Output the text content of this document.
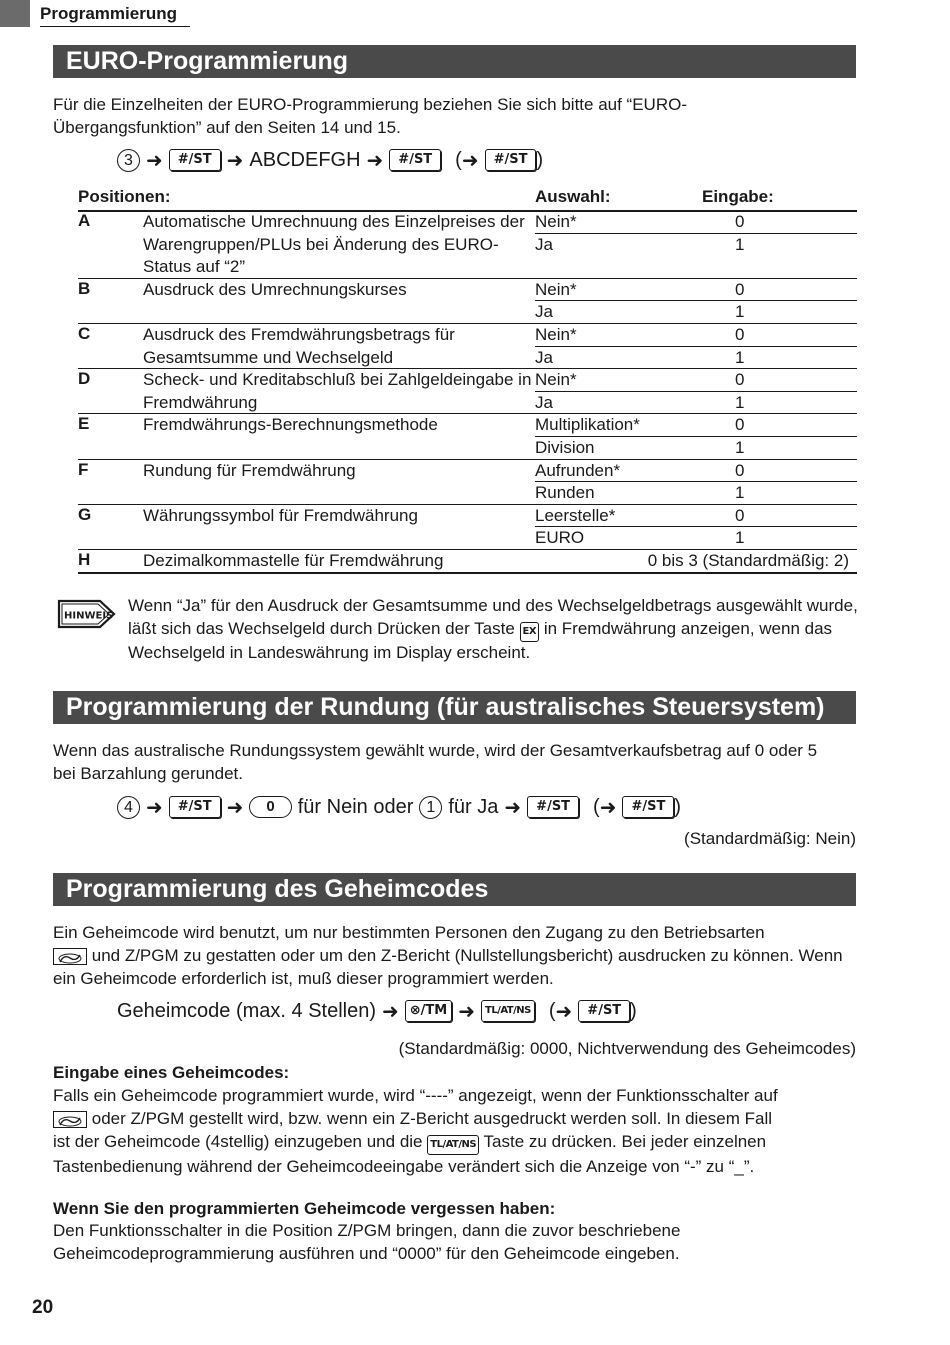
Programmierung
EURO-Programmierung
Für die Einzelheiten der EURO-Programmierung beziehen Sie sich bitte auf “EURO-Übergangsfunktion” auf den Seiten 14 und 15.
3 ➜	#/ST ➜ ABCDEFGH ➜	#/ST	( ➜	#/ST )
Positionen:	Auswahl:	Eingabe:
A	Automatische Umrechnuung des Einzelpreises der Warengruppen/PLUs bei Änderung des EURO-Status auf “2”
Nein*	0
Ja	1
B	Ausdruck des Umrechnungskurses	Nein*	0
Ja	1
C	Ausdruck des Fremdwährungsbetrags für Gesamtsumme und Wechselgeld
Nein*	0
Ja	1
D	Scheck- und Kreditabschluß bei Zahlgeldeingabe in Fremdwährung
Nein*	0
Ja	1
E	Fremdwährungs-Berechnungsmethode	Multiplikation*	0
Division	1
F	Rundung für Fremdwährung	Aufrunden*	0
Runden	1
G	Währungssymbol für Fremdwährung	Leerstelle*	0
EURO	1
H	Dezimalkommastelle für Fremdwährung	0 bis 3 (Standardmäßig: 2)
HINWEIS
Wenn “Ja” für den Ausdruck der Gesamtsumme und des Wechselgeldbetrags ausgewählt wurde, läßt sich das Wechselgeld durch Drücken der Taste EX in Fremdwährung anzeigen, wenn das Wechselgeld in Landeswährung im Display erscheint.
Programmierung der Rundung (für australisches Steuersystem)
Wenn das australische Rundungssystem gewählt wurde, wird der Gesamtverkaufsbetrag auf 0 oder 5 bei Barzahlung gerundet.
4 ➜	#/ST ➜	0	für Nein oder 1 für Ja ➜	#/ST	( ➜	#/ST )
(Standardmäßig: Nein)
Programmierung des Geheimcodes
Ein Geheimcode wird benutzt, um nur bestimmten Personen den Zugang zu den Betriebsarten
und Z/PGM zu gestatten oder um den Z-Bericht (Nullstellungsbericht) ausdrucken zu können. Wenn ein Geheimcode erforderlich ist, muß dieser programmiert werden.
Geheimcode (max. 4 Stellen) ➜ ⊗/TM ➜	TL/AT/NS ( ➜	#/ST )
(Standardmäßig: 0000, Nichtverwendung des Geheimcodes)
Eingabe eines Geheimcodes:
Falls ein Geheimcode programmiert wurde, wird “----” angezeigt, wenn der Funktionsschalter auf
oder Z/PGM gestellt wird, bzw. wenn ein Z-Bericht ausgedruckt werden soll. In diesem Fall
ist der Geheimcode (4stellig) einzugeben und die TL/AT/NS Taste zu drücken. Bei jeder einzelnen
Tastenbedienung während der Geheimcodeeingabe verändert sich die Anzeige von “-” zu “_”.
Wenn Sie den programmierten Geheimcode vergessen haben:
Den Funktionsschalter in die Position Z/PGM bringen, dann die zuvor beschriebene Geheimcodeprogrammierung ausführen und “0000” für den Geheimcode eingeben.
20
